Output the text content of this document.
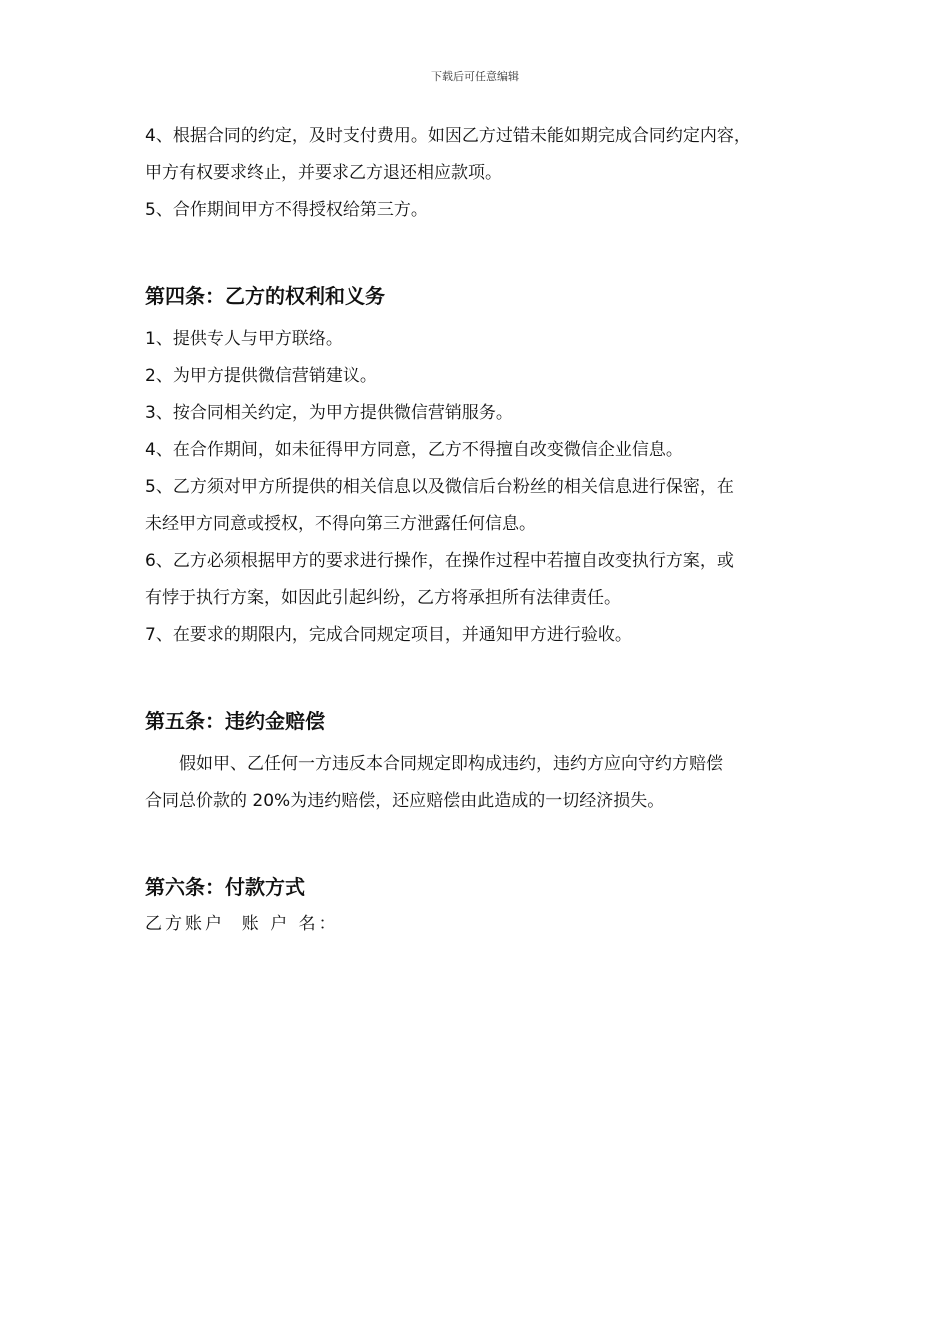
下载后可任意编辑

4、根据合同的约定，及时支付费用。如因乙方过错未能如期完成合同约定内容，

甲方有权要求终止，并要求乙方退还相应款项。

5、合作期间甲方不得授权给第三方。

第四条：乙方的权利和义务

1、提供专人与甲方联络。

2、为甲方提供微信营销建议。

3、按合同相关约定，为甲方提供微信营销服务。

4、在合作期间，如未征得甲方同意，乙方不得擅自改变微信企业信息。

5、乙方须对甲方所提供的相关信息以及微信后台粉丝的相关信息进行保密，在

未经甲方同意或授权，不得向第三方泄露任何信息。

6、乙方必须根据甲方的要求进行操作，在操作过程中若擅自改变执行方案，或

有悖于执行方案，如因此引起纠纷，乙方将承担所有法律责任。

7、在要求的期限内，完成合同规定项目，并通知甲方进行验收。

第五条：违约金赔偿

假如甲、乙任何一方违反本合同规定即构成违约，违约方应向守约方赔偿

合同总价款的 20%为违约赔偿，还应赔偿由此造成的一切经济损失。

第六条：付款方式

乙方账户  账 户 名：
